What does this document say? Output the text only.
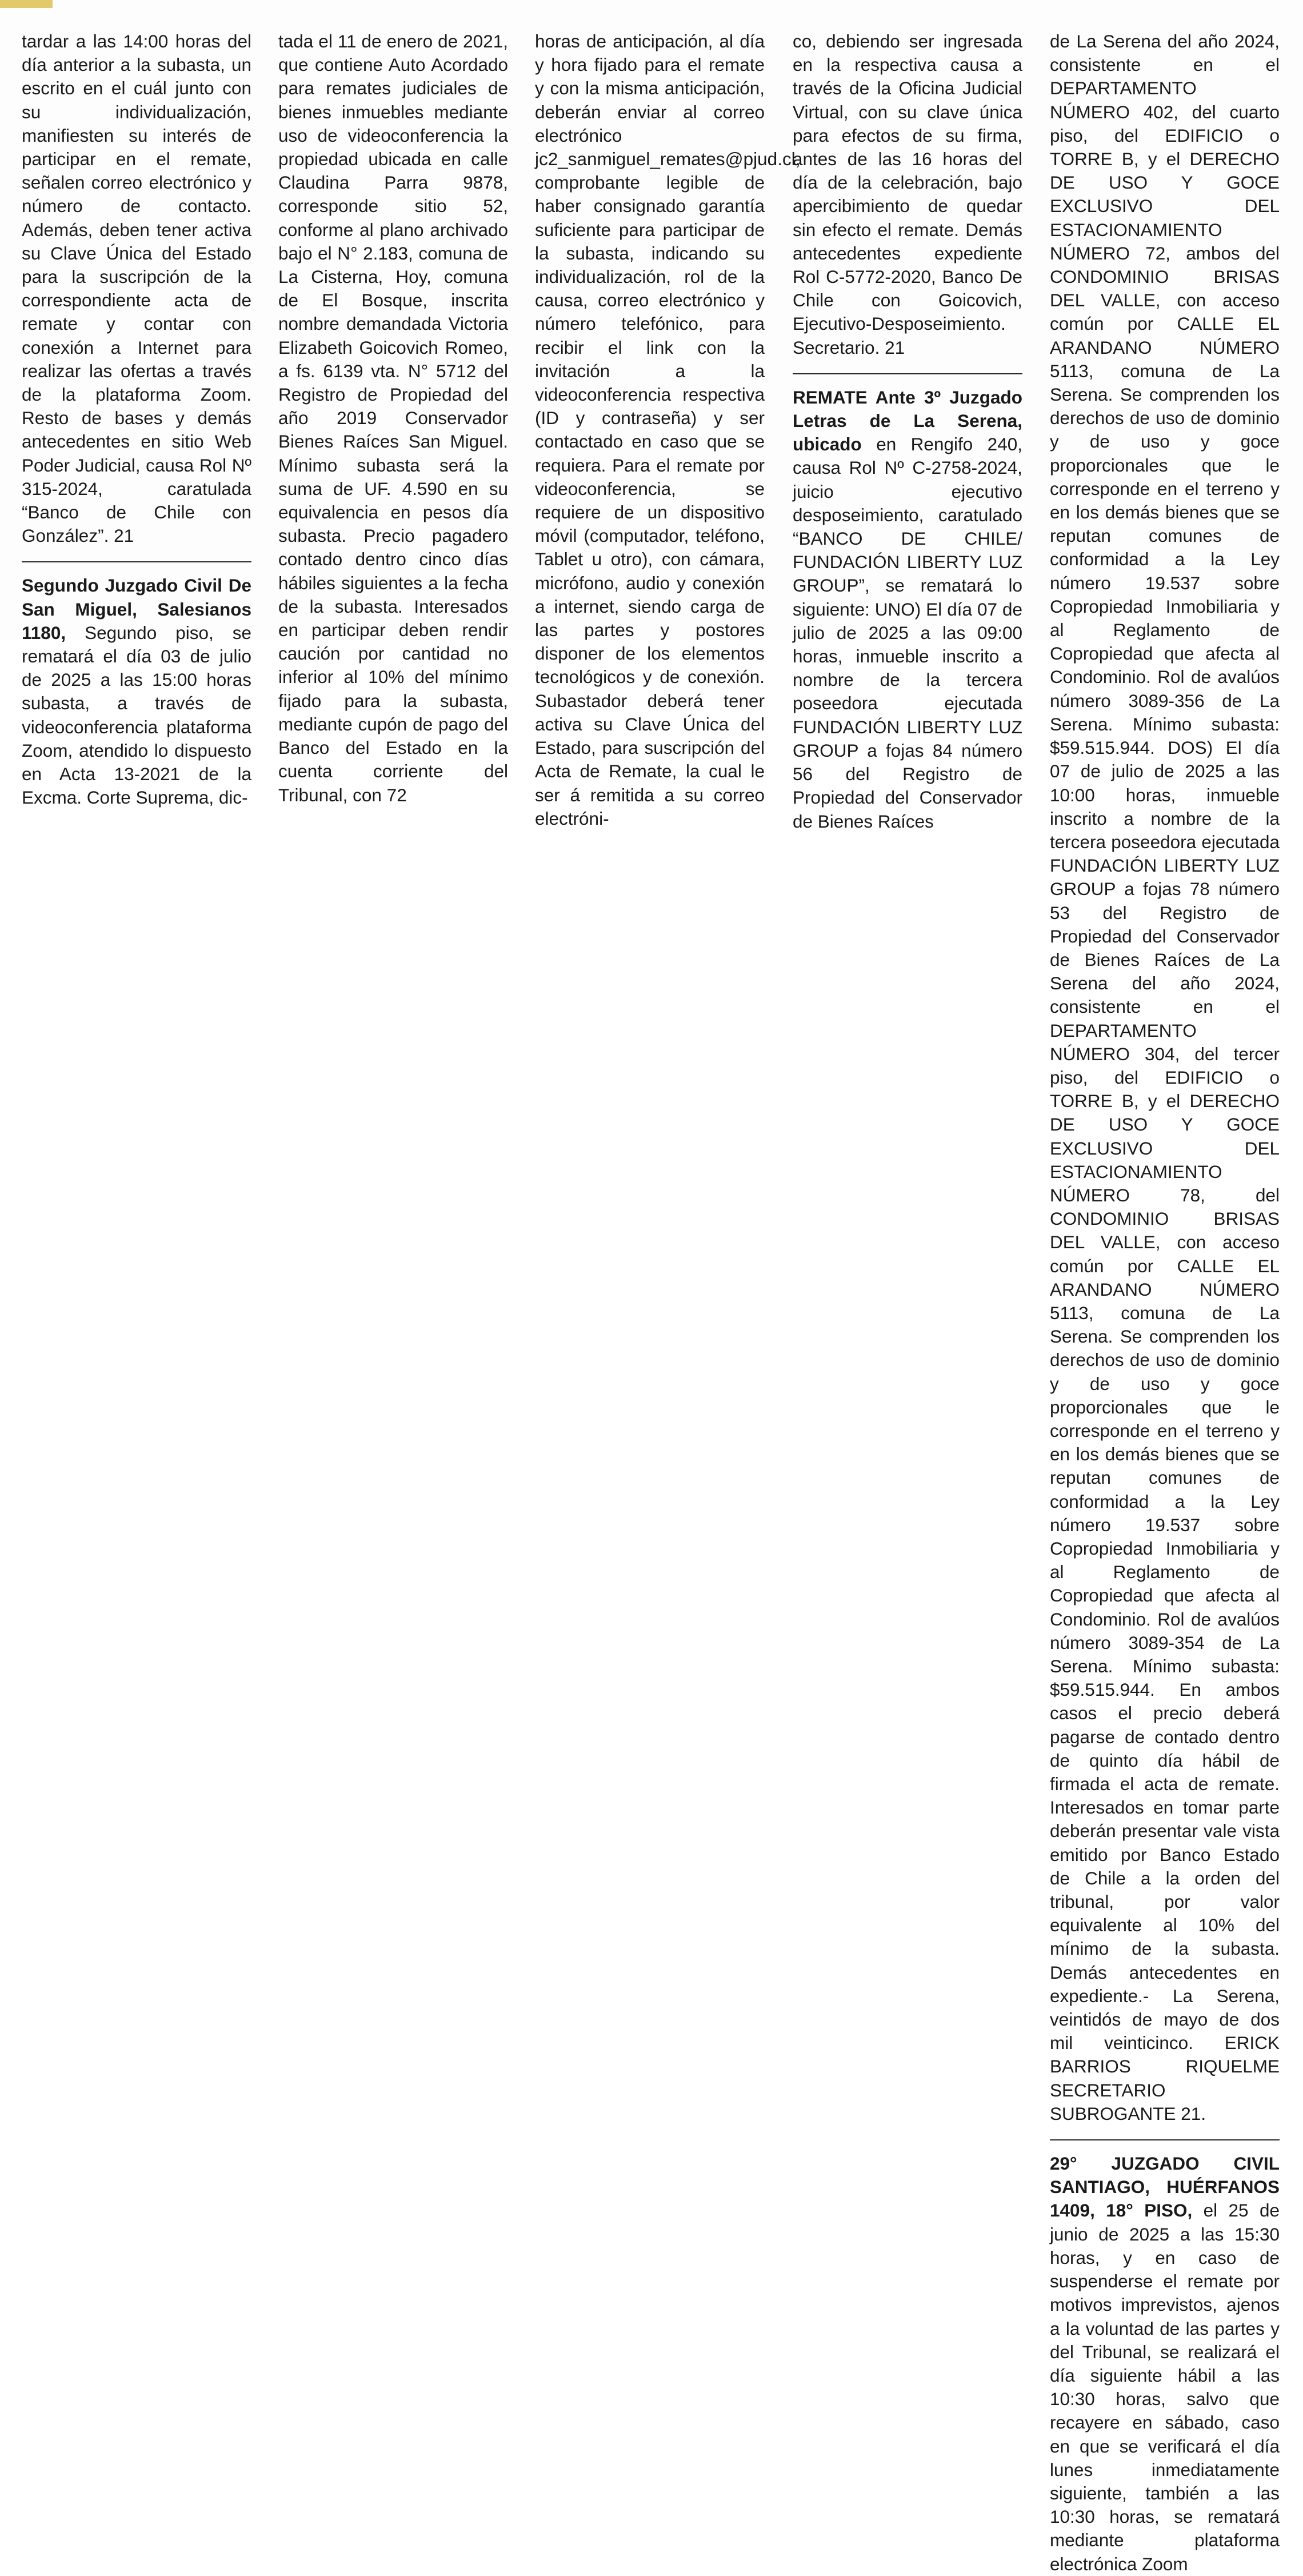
tardar a las 14:00 horas del día anterior a la subasta, un escrito en el cuál junto con su individualización, manifiesten su interés de participar en el remate, señalen correo electrónico y número de contacto. Además, deben tener activa su Clave Única del Estado para la suscripción de la correspondiente acta de remate y contar con conexión a Internet para realizar las ofertas a través de la plataforma Zoom. Resto de bases y demás antecedentes en sitio Web Poder Judicial, causa Rol Nº 315-2024, caratulada “Banco de Chile con González”. 21

Segundo Juzgado Civil De San Miguel, Salesianos 1180, Segundo piso, se rematará el día 03 de julio de 2025 a las 15:00 horas subasta, a través de videoconferencia plataforma Zoom, atendido lo dispuesto en Acta 13-2021 de la Excma. Corte Suprema, dic-

tada el 11 de enero de 2021, que contiene Auto Acordado para remates judiciales de bienes inmuebles mediante uso de videoconferencia la propiedad ubicada en calle Claudina Parra 9878, corresponde sitio 52, conforme al plano archivado bajo el N° 2.183, comuna de La Cisterna, Hoy, comuna de El Bosque, inscrita nombre demandada Victoria Elizabeth Goicovich Romeo, a fs. 6139 vta. N° 5712 del Registro de Propiedad del año 2019 Conservador Bienes Raíces San Miguel. Mínimo subasta será la suma de UF. 4.590 en su equivalencia en pesos día subasta. Precio pagadero contado dentro cinco días hábiles siguientes a la fecha de la subasta. Interesados en participar deben rendir caución por cantidad no inferior al 10% del mínimo fijado para la subasta, mediante cupón de pago del Banco del Estado en la cuenta corriente del Tribunal, con 72

horas de anticipación, al día y hora fijado para el remate y con la misma anticipación, deberán enviar al correo electrónico jc2_sanmiguel_remates@pjud.cl, comprobante legible de haber consignado garantía suficiente para participar de la subasta, indicando su individualización, rol de la causa, correo electrónico y número telefónico, para recibir el link con la invitación a la videoconferencia respectiva (ID y contraseña) y ser contactado en caso que se requiera. Para el remate por videoconferencia, se requiere de un dispositivo móvil (computador, teléfono, Tablet u otro), con cámara, micrófono, audio y conexión a internet, siendo carga de las partes y postores disponer de los elementos tecnológicos y de conexión. Subastador deberá tener activa su Clave Única del Estado, para suscripción del Acta de Remate, la cual le ser á remitida a su correo electróni-

co, debiendo ser ingresada en la respectiva causa a través de la Oficina Judicial Virtual, con su clave única para efectos de su firma, antes de las 16 horas del día de la celebración, bajo apercibimiento de quedar sin efecto el remate. Demás antecedentes expediente Rol C-5772-2020, Banco De Chile con Goicovich, Ejecutivo-Desposeimiento. Secretario. 21

REMATE Ante 3º Juzgado Letras de La Serena, ubicado en Rengifo 240, causa Rol Nº C-2758-2024, juicio ejecutivo desposeimiento, caratulado “BANCO DE CHILE/ FUNDACIÓN LIBERTY LUZ GROUP”, se rematará lo siguiente: UNO) El día 07 de julio de 2025 a las 09:00 horas, inmueble inscrito a nombre de la tercera poseedora ejecutada FUNDACIÓN LIBERTY LUZ GROUP a fojas 84 número 56 del Registro de Propiedad del Conservador de Bienes Raíces

de La Serena del año 2024, consistente en el DEPARTAMENTO NÚMERO 402, del cuarto piso, del EDIFICIO o TORRE B, y el DERECHO DE USO Y GOCE EXCLUSIVO DEL ESTACIONAMIENTO NÚMERO 72, ambos del CONDOMINIO BRISAS DEL VALLE, con acceso común por CALLE EL ARANDANO NÚMERO 5113, comuna de La Serena. Se comprenden los derechos de uso de dominio y de uso y goce proporcionales que le corresponde en el terreno y en los demás bienes que se reputan comunes de conformidad a la Ley número 19.537 sobre Copropiedad Inmobiliaria y al Reglamento de Copropiedad que afecta al Condominio. Rol de avalúos número 3089-356 de La Serena. Mínimo subasta: $59.515.944. DOS) El día 07 de julio de 2025 a las 10:00 horas, inmueble inscrito a nombre de la tercera poseedora ejecutada FUNDACIÓN LIBERTY LUZ GROUP a fojas 78 número 53 del Registro de Propiedad del Conservador de Bienes Raíces de La Serena del año 2024, consistente en el DEPARTAMENTO NÚMERO 304, del tercer piso, del EDIFICIO o TORRE B, y el DERECHO DE USO Y GOCE EXCLUSIVO DEL ESTACIONAMIENTO NÚMERO 78, del CONDOMINIO BRISAS DEL VALLE, con acceso común por CALLE EL ARANDANO NÚMERO 5113, comuna de La Serena. Se comprenden los derechos de uso de dominio y de uso y goce proporcionales que le corresponde en el terreno y en los demás bienes que se reputan comunes de conformidad a la Ley número 19.537 sobre Copropiedad Inmobiliaria y al Reglamento de Copropiedad que afecta al Condominio. Rol de avalúos número 3089-354 de La Serena. Mínimo subasta: $59.515.944. En ambos casos el precio deberá pagarse de contado dentro de quinto día hábil de firmada el acta de remate. Interesados en tomar parte deberán presentar vale vista emitido por Banco Estado de Chile a la orden del tribunal, por valor equivalente al 10% del mínimo de la subasta. Demás antecedentes en expediente.- La Serena, veintidós de mayo de dos mil veinticinco. ERICK BARRIOS RIQUELME SECRETARIO SUBROGANTE 21.

29° JUZGADO CIVIL SANTIAGO, HUÉRFANOS 1409, 18° PISO, el 25 de junio de 2025 a las 15:30 horas, y en caso de suspenderse el remate por motivos imprevistos, ajenos a la voluntad de las partes y del Tribunal, se realizará el día siguiente hábil a las 10:30 horas, salvo que recayere en sábado, caso en que se verificará el día lunes inmediatamente siguiente, también a las 10:30 horas, se rematará mediante plataforma electrónica Zoom
